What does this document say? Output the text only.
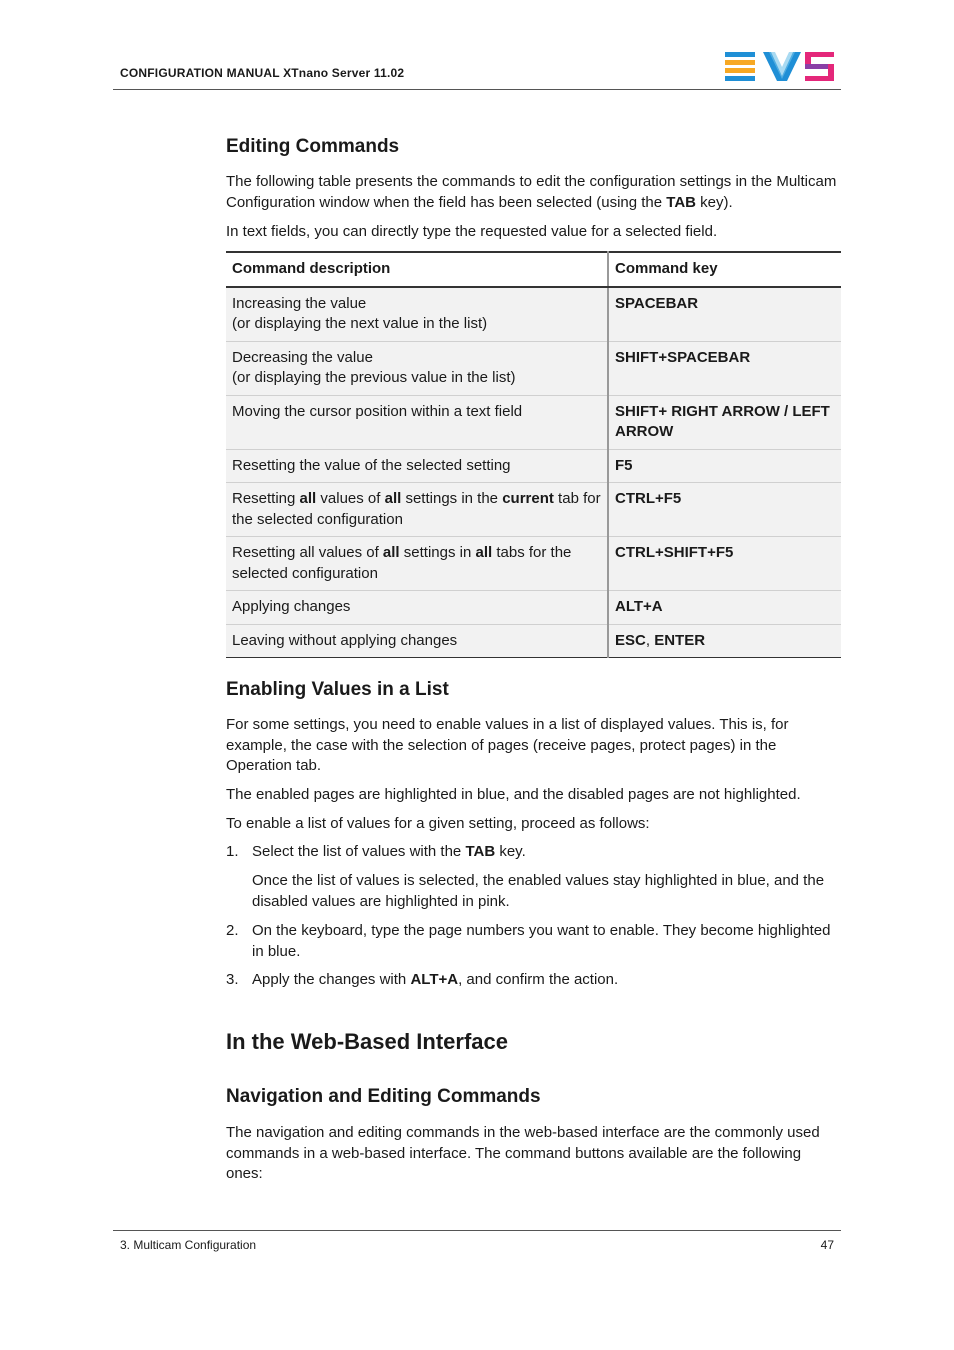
CONFIGURATION MANUAL XTnano Server 11.02
Editing Commands

The following table presents the commands to edit the configuration settings in the Multicam Configuration window when the field has been selected (using the TAB key).

In text fields, you can directly type the requested value for a selected field.

Command description	Command key
Increasing the value
(or displaying the next value in the list)	SPACEBAR
Decreasing the value
(or displaying the previous value in the list)	SHIFT+SPACEBAR
Moving the cursor position within a text field	SHIFT+ RIGHT ARROW / LEFT ARROW
Resetting the value of the selected setting	F5
Resetting all values of all settings in the current tab for the selected configuration	CTRL+F5
Resetting all values of all settings in all tabs for the selected configuration	CTRL+SHIFT+F5
Applying changes	ALT+A
Leaving without applying changes	ESC, ENTER
Enabling Values in a List

For some settings, you need to enable values in a list of displayed values. This is, for example, the case with the selection of pages (receive pages, protect pages) in the Operation tab.

The enabled pages are highlighted in blue, and the disabled pages are not highlighted.

To enable a list of values for a given setting, proceed as follows:

1. Select the list of values with the TAB key.

Once the list of values is selected, the enabled values stay highlighted in blue, and the disabled values are highlighted in pink.

2. On the keyboard, type the page numbers you want to enable. They become highlighted in blue.

3. Apply the changes with ALT+A, and confirm the action.

In the Web-Based Interface
Navigation and Editing Commands

The navigation and editing commands in the web-based interface are the commonly used commands in a web-based interface. The command buttons available are the following ones:

3. Multicam Configuration	47
